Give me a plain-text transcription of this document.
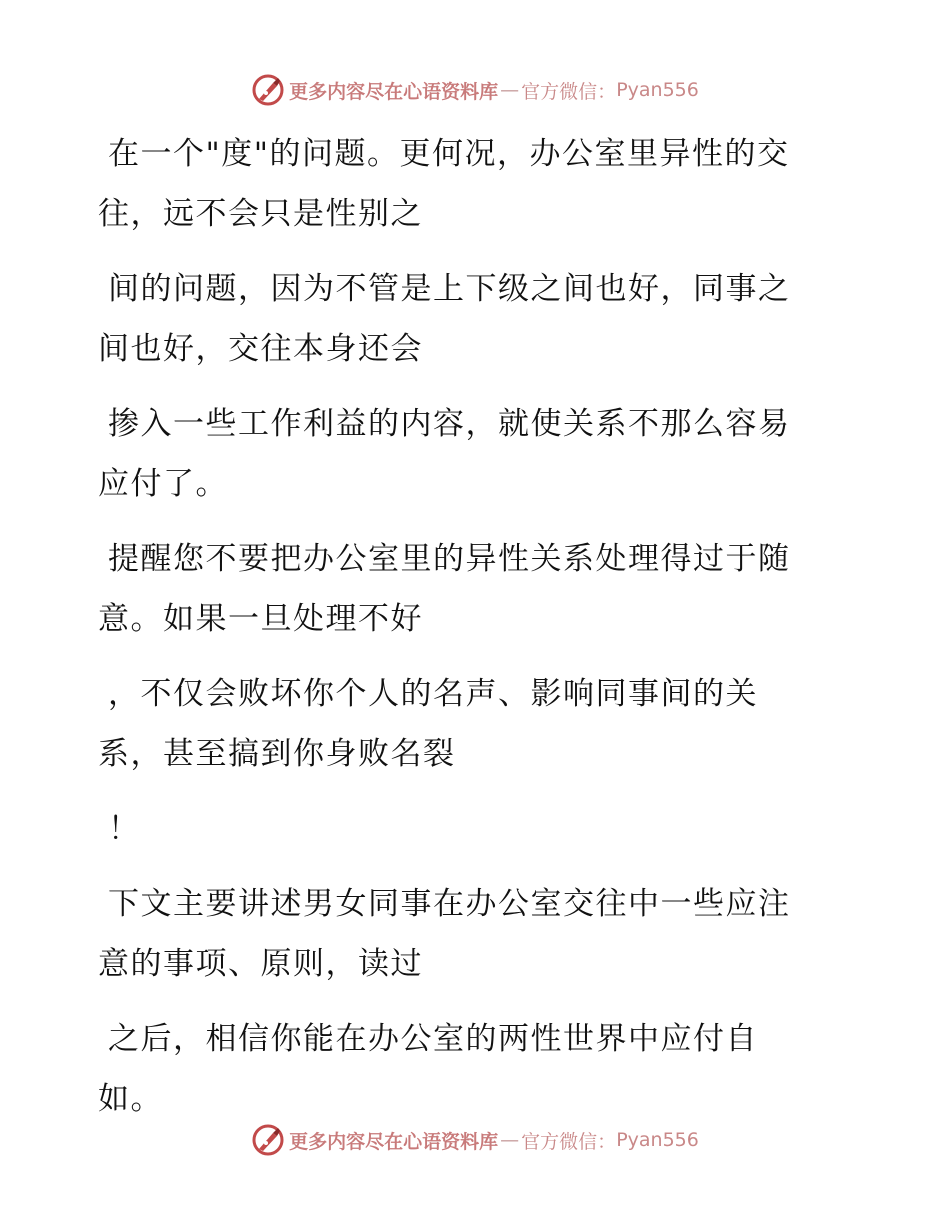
更多内容尽在心语资料库 — 官方微信： Pyan556
在一个"度"的问题。更何况，办公室里异性的交
往，远不会只是性别之
间的问题，因为不管是上下级之间也好，同事之
间也好，交往本身还会
掺入一些工作利益的内容，就使关系不那么容易
应付了。
提醒您不要把办公室里的异性关系处理得过于随
意。如果一旦处理不好
，不仅会败坏你个人的名声、影响同事间的关
系，甚至搞到你身败名裂
！
下文主要讲述男女同事在办公室交往中一些应注
意的事项、原则，读过
之后，相信你能在办公室的两性世界中应付自
如。
更多内容尽在心语资料库 — 官方微信： Pyan556
